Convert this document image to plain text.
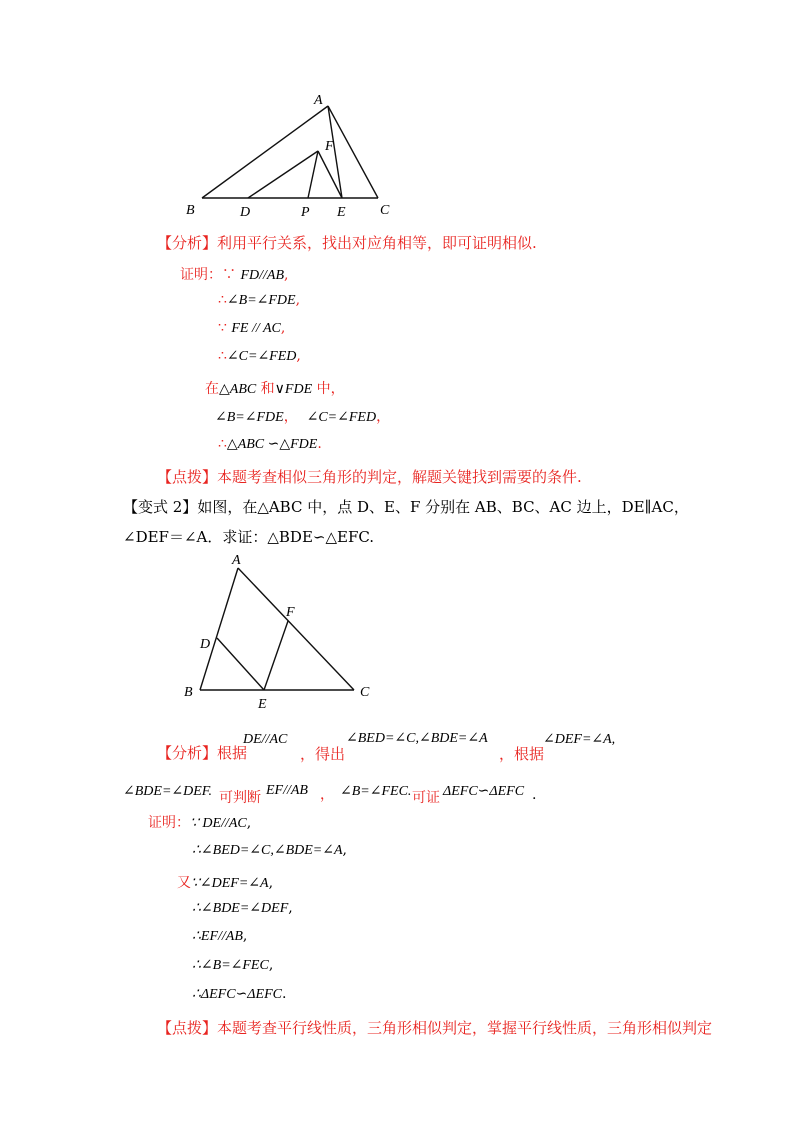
A
F
B	D	P E C
【分析】利用平行关系，找出对应角相等，即可证明相似.
证明：∵ FD//AB,
∴∠B=∠FDE,
∵ FE // AC,
∴∠C=∠FED,
在△ABC 和∨FDE 中，
∠B=∠FDE， ∠C=∠FED，
∴△ABC ∽△FDE.
【点拨】本题考查相似三角形的判定，解题关键找到需要的条件.
【变式 2】如图，在△ABC 中，点 D、E、F 分别在 AB、BC、AC 边上，DE∥AC，
∠DEF＝∠A．求证：△BDE∽△EFC.
A
F
D
B
E
C
DE//AC	∠BED=∠C,∠BDE=∠A	∠DEF=∠A,
【分析】根据	，得出	，根据
∠BDE=∠DEF. 可判断 EF//AB ， ∠B=∠FEC. 可证 ΔEFC∽ΔEFC .
证明：∵ DE//AC,
∴∠BED=∠C,∠BDE=∠A,
又∵∠DEF=∠A,
∴∠BDE=∠DEF,
∴EF//AB,
∴∠B=∠FEC,
∴ΔEFC∽ΔEFC.
【点拨】本题考查平行线性质，三角形相似判定，掌握平行线性质，三角形相似判定
